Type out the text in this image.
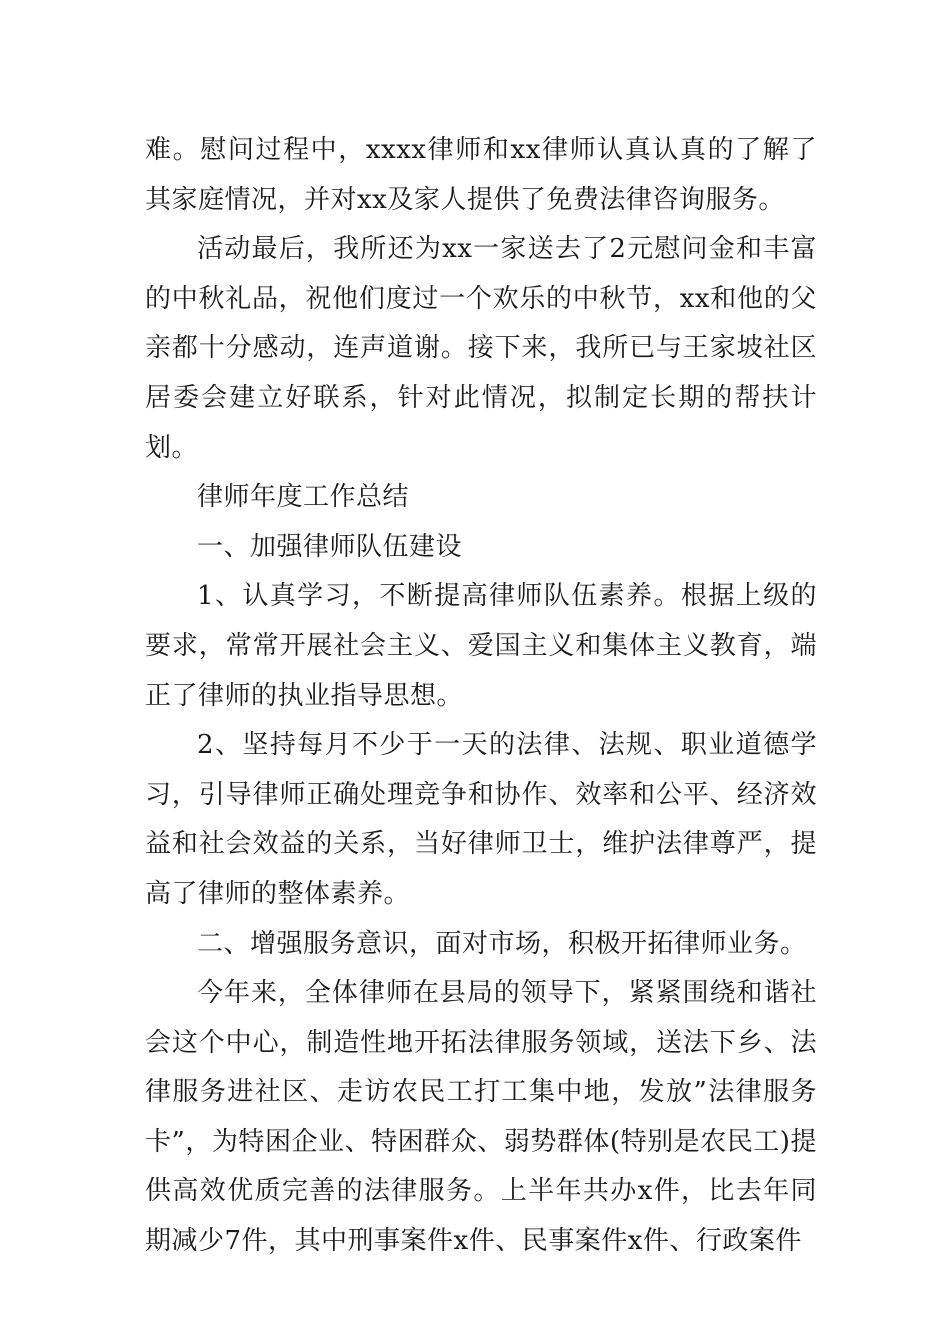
难。慰问过程中，xxxx律师和xx律师认真认真的了解了其家庭情况，并对xx及家人提供了免费法律咨询服务。

活动最后，我所还为xx一家送去了2元慰问金和丰富的中秋礼品，祝他们度过一个欢乐的中秋节，xx和他的父亲都十分感动，连声道谢。接下来，我所已与王家坡社区居委会建立好联系，针对此情况，拟制定长期的帮扶计划。

律师年度工作总结

一、加强律师队伍建设

1、认真学习，不断提高律师队伍素养。根据上级的要求，常常开展社会主义、爱国主义和集体主义教育，端正了律师的执业指导思想。

2、坚持每月不少于一天的法律、法规、职业道德学习，引导律师正确处理竞争和协作、效率和公平、经济效益和社会效益的关系，当好律师卫士，维护法律尊严，提高了律师的整体素养。

二、增强服务意识，面对市场，积极开拓律师业务。

今年来，全体律师在县局的领导下，紧紧围绕和谐社会这个中心，制造性地开拓法律服务领域，送法下乡、法律服务进社区、走访农民工打工集中地，发放”法律服务卡”，为特困企业、特困群众、弱势群体(特别是农民工)提供高效优质完善的法律服务。上半年共办x件，比去年同期减少7件，其中刑事案件x件、民事案件x件、行政案件
